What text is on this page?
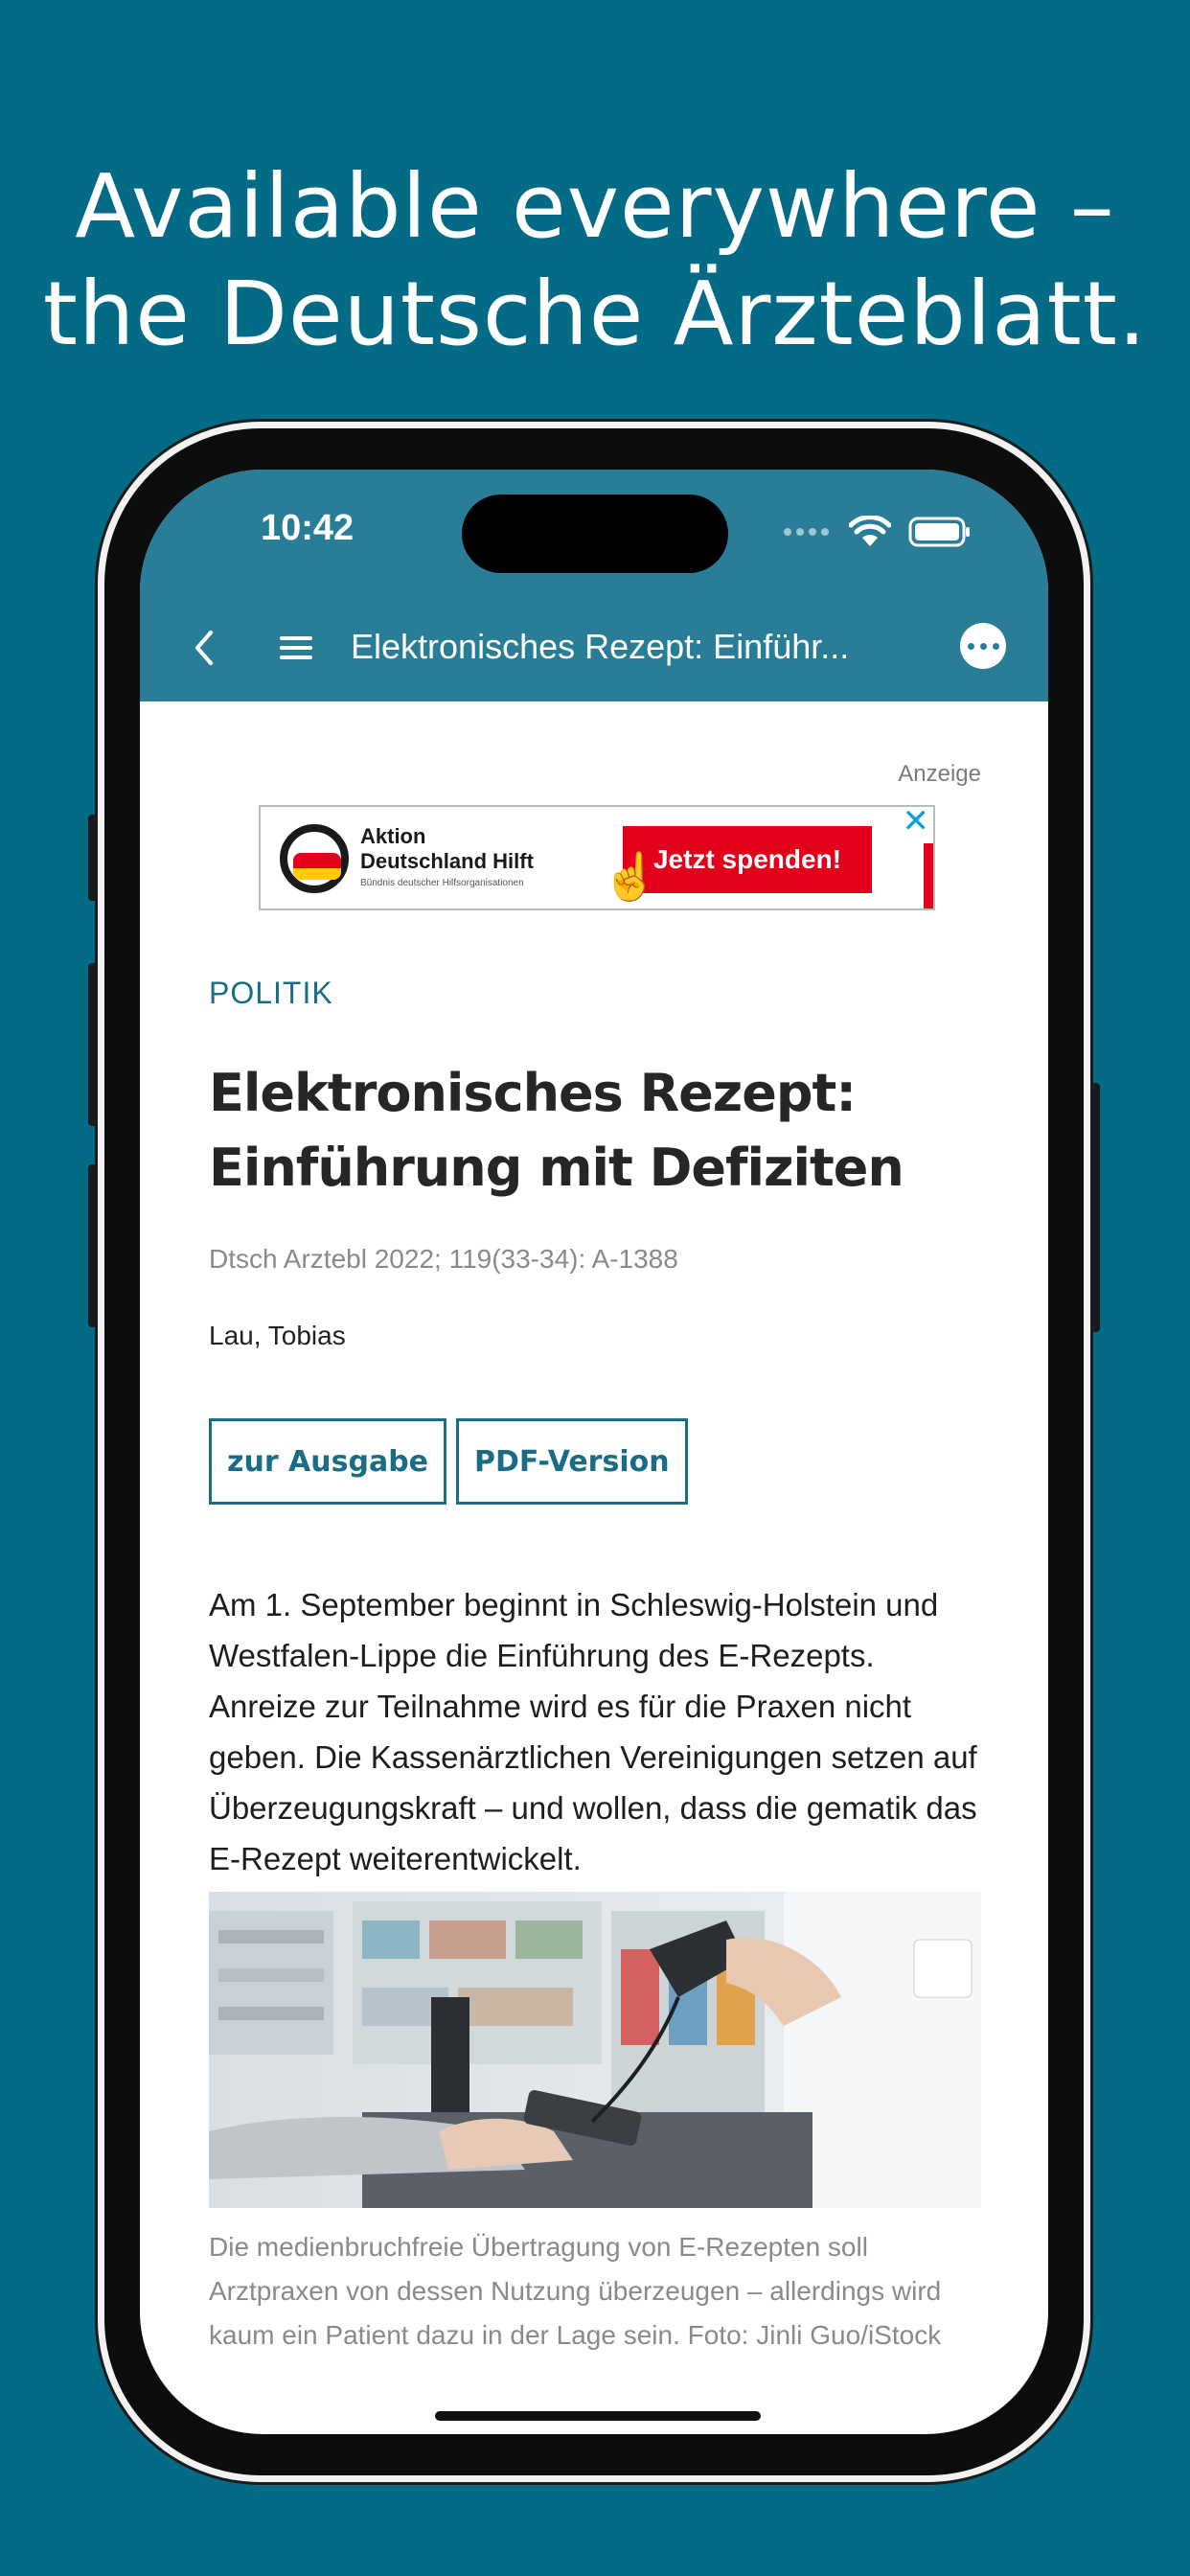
Available everywhere –
the Deutsche Ärzteblatt.
10:42
Elektronisches Rezept: Einführ...
Anzeige
Aktion
Deutschland Hilft
Bündnis deutscher Hilfsorganisationen
Jetzt spenden!
☝
✕
POLITIK
Elektronisches Rezept: Einführung mit Defiziten
Dtsch Arztebl 2022; 119(33-34): A-1388
Lau, Tobias
zur Ausgabe	PDF-Version
Am 1. September beginnt in Schleswig-Holstein und Westfalen-Lippe die Einführung des E-Rezepts. Anreize zur Teilnahme wird es für die Praxen nicht geben. Die Kassenärztlichen Vereinigungen setzen auf Überzeugungskraft – und wollen, dass die gematik das E-Rezept weiterentwickelt.
Die medienbruchfreie Übertragung von E-Rezepten soll Arztpraxen von dessen Nutzung überzeugen – allerdings wird kaum ein Patient dazu in der Lage sein. Foto: Jinli Guo/iStock
